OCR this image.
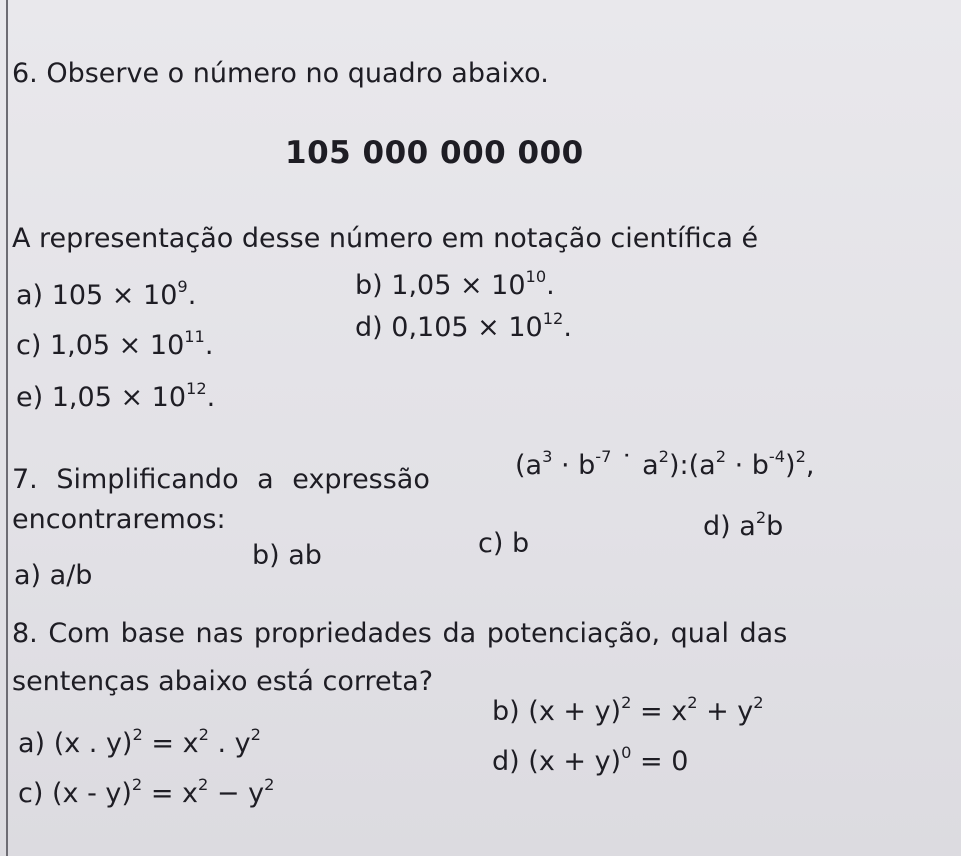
6. Observe o número no quadro abaixo.
105 000 000 000
A representação desse número em notação científica é
a) $105 \times 10^9$.	b) $1,05 \times 10^{10}$.
c) $1,05 \times 10^{11}$.
d) $0,105 \times 10^{12}$.
e) $1,05 \times 10^{12}$.
7. Simplificando a expressão	($a^3 \cdot b^{-7}$ ˙ $a^2):(a^2 \cdot b^{-4})^2$,
encontraremos:
a) a/b
b) ab	c) b
d) $a^2b$
8. Com base nas propriedades da potenciação, qual das
sentenças abaixo está correta?
a) (x . $y)^2 = x^2$ . $y^2$
b) $(x + y)^2 = x^2 + y^2$
c) $(x - y)^2 = x^2 - y^2$
d) $(x + y)^0 = 0$
